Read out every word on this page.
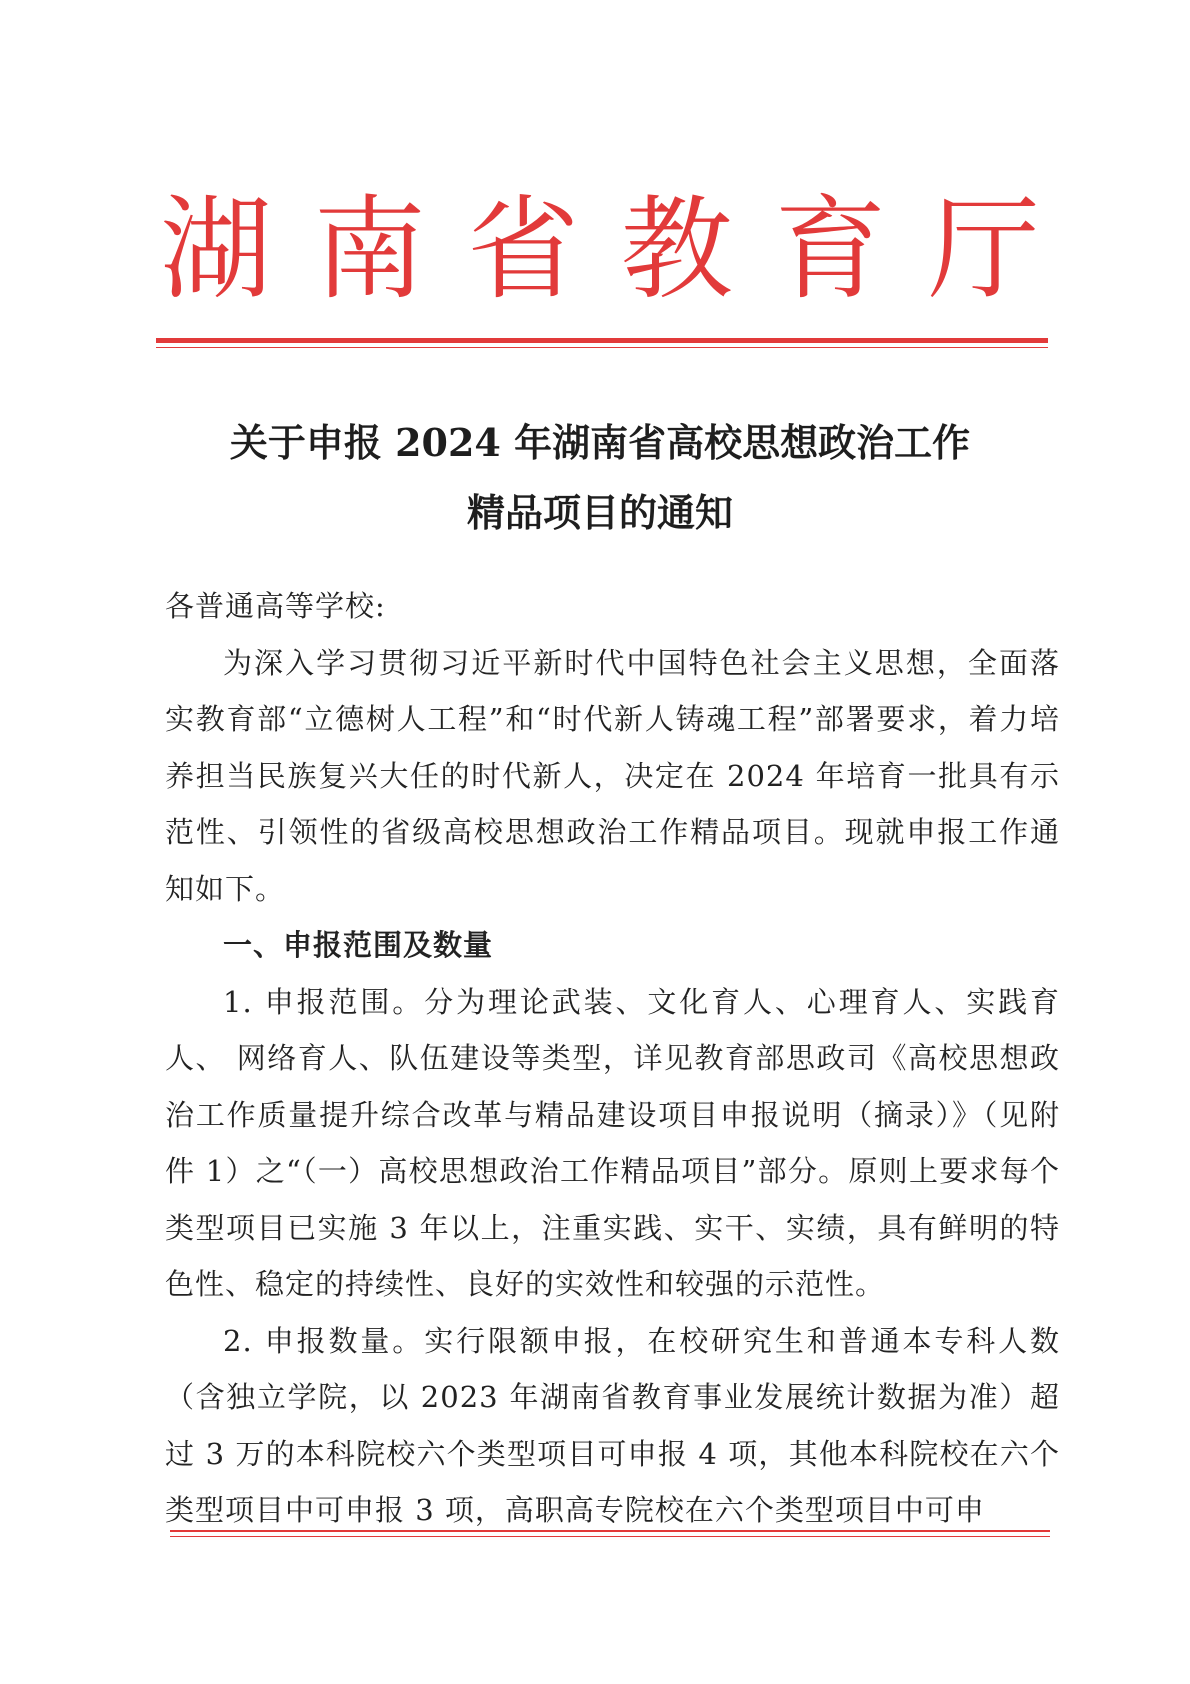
湖 南 省 教 育 厅
关于申报 2024 年湖南省高校思想政治工作
精品项目的通知

各普通高等学校:

为深入学习贯彻习近平新时代中国特色社会主义思想，全面落实教育部“立德树人工程”和“时代新人铸魂工程”部署要求，着力培养担当民族复兴大任的时代新人，决定在 2024 年培育一批具有示范性、引领性的省级高校思想政治工作精品项目。现就申报工作通知如下。

一、申报范围及数量

1. 申报范围。分为理论武装、文化育人、心理育人、实践育人、 网络育人、队伍建设等类型，详见教育部思政司《高校思想政治工作质量提升综合改革与精品建设项目申报说明（摘录）》（见附件 1）之“（一）高校思想政治工作精品项目”部分。原则上要求每个类型项目已实施 3 年以上，注重实践、实干、实绩，具有鲜明的特色性、稳定的持续性、良好的实效性和较强的示范性。

2. 申报数量。实行限额申报，在校研究生和普通本专科人数（含独立学院，以 2023 年湖南省教育事业发展统计数据为准）超过 3 万的本科院校六个类型项目可申报 4 项，其他本科院校在六个类型项目中可申报 3 项，高职高专院校在六个类型项目中可申
